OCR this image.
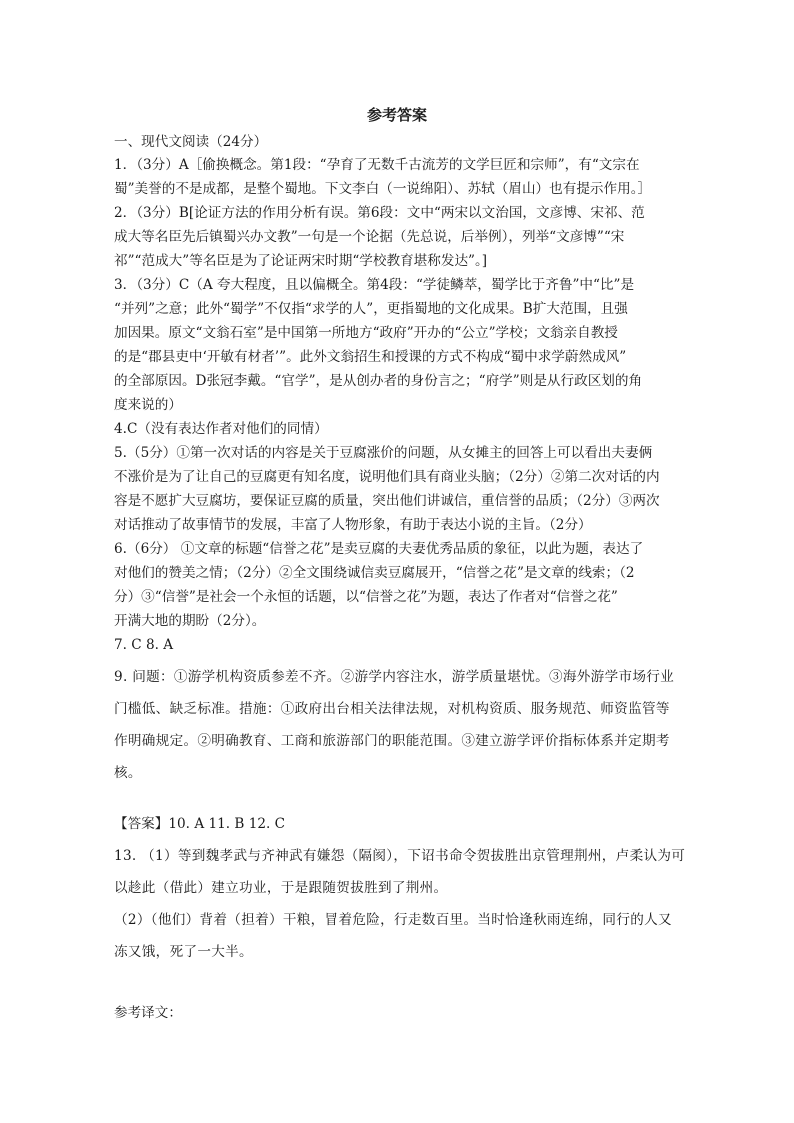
参考答案
一、现代文阅读（24分）
1．（3分）A［偷换概念。第1段：“孕育了无数千古流芳的文学巨匠和宗师”，有“文宗在
蜀”美誉的不是成都，是整个蜀地。下文李白（一说绵阳）、苏轼（眉山）也有提示作用。］
2．（3分）B[论证方法的作用分析有误。第6段：文中“两宋以文治国，文彦博、宋祁、范
成大等名臣先后镇蜀兴办文教”一句是一个论据（先总说，后举例），列举“文彦博”“宋
祁”“范成大”等名臣是为了论证两宋时期“学校教育堪称发达”。]
3．（3分）C（A 夸大程度，且以偏概全。第4段：“学徒鳞萃，蜀学比于齐鲁”中“比”是
“并列”之意；此外“蜀学”不仅指“求学的人”，更指蜀地的文化成果。B扩大范围，且强
加因果。原文“文翁石室”是中国第一所地方“政府”开办的“公立”学校；文翁亲自教授
的是“郡县吏中‘开敏有材者’”。此外文翁招生和授课的方式不构成“蜀中求学蔚然成风”
的全部原因。D张冠李戴。“官学”，是从创办者的身份言之；“府学”则是从行政区划的角
度来说的）
4.C（没有表达作者对他们的同情）
5.（5分）①第一次对话的内容是关于豆腐涨价的问题，从女摊主的回答上可以看出夫妻俩
不涨价是为了让自己的豆腐更有知名度，说明他们具有商业头脑；（2分）②第二次对话的内
容是不愿扩大豆腐坊，要保证豆腐的质量，突出他们讲诚信，重信誉的品质；（2分）③两次
对话推动了故事情节的发展，丰富了人物形象，有助于表达小说的主旨。（2分）
6.（6分） ①文章的标题“信誉之花”是卖豆腐的夫妻优秀品质的象征，以此为题，表达了
对他们的赞美之情；（2分）②全文围绕诚信卖豆腐展开，“信誉之花”是文章的线索；（2
分）③“信誉”是社会一个永恒的话题，以“信誉之花”为题，表达了作者对“信誉之花”
开满大地的期盼（2分）。
7. C 8. A
9. 问题：①游学机构资质参差不齐。②游学内容注水，游学质量堪忧。③海外游学市场行业
门槛低、缺乏标准。措施：①政府出台相关法律法规，对机构资质、服务规范、师资监管等
作明确规定。②明确教育、工商和旅游部门的职能范围。③建立游学评价指标体系并定期考
核。
【答案】10. A 11. B 12. C
13. （1）等到魏孝武与齐神武有嫌怨（隔阂），下诏书命令贺拔胜出京管理荆州，卢柔认为可
以趁此（借此）建立功业，于是跟随贺拔胜到了荆州。
（2）（他们）背着（担着）干粮，冒着危险，行走数百里。当时恰逢秋雨连绵，同行的人又
冻又饿，死了一大半。
参考译文：
